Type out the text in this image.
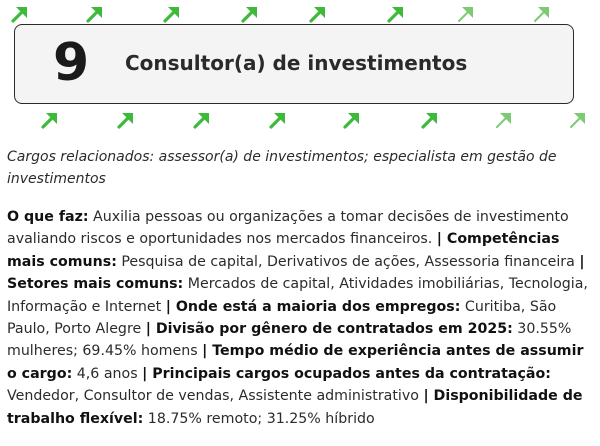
9 Consultor(a) de investimentos
Cargos relacionados: assessor(a) de investimentos; especialista em gestão de investimentos
O que faz: Auxilia pessoas ou organizações a tomar decisões de investimento avaliando riscos e oportunidades nos mercados financeiros. | Competências mais comuns: Pesquisa de capital, Derivativos de ações, Assessoria financeira | Setores mais comuns: Mercados de capital, Atividades imobiliárias, Tecnologia, Informação e Internet | Onde está a maioria dos empregos: Curitiba, São Paulo, Porto Alegre | Divisão por gênero de contratados em 2025: 30.55% mulheres; 69.45% homens | Tempo médio de experiência antes de assumir o cargo: 4,6 anos | Principais cargos ocupados antes da contratação: Vendedor, Consultor de vendas, Assistente administrativo | Disponibilidade de trabalho flexível: 18.75% remoto; 31.25% híbrido
